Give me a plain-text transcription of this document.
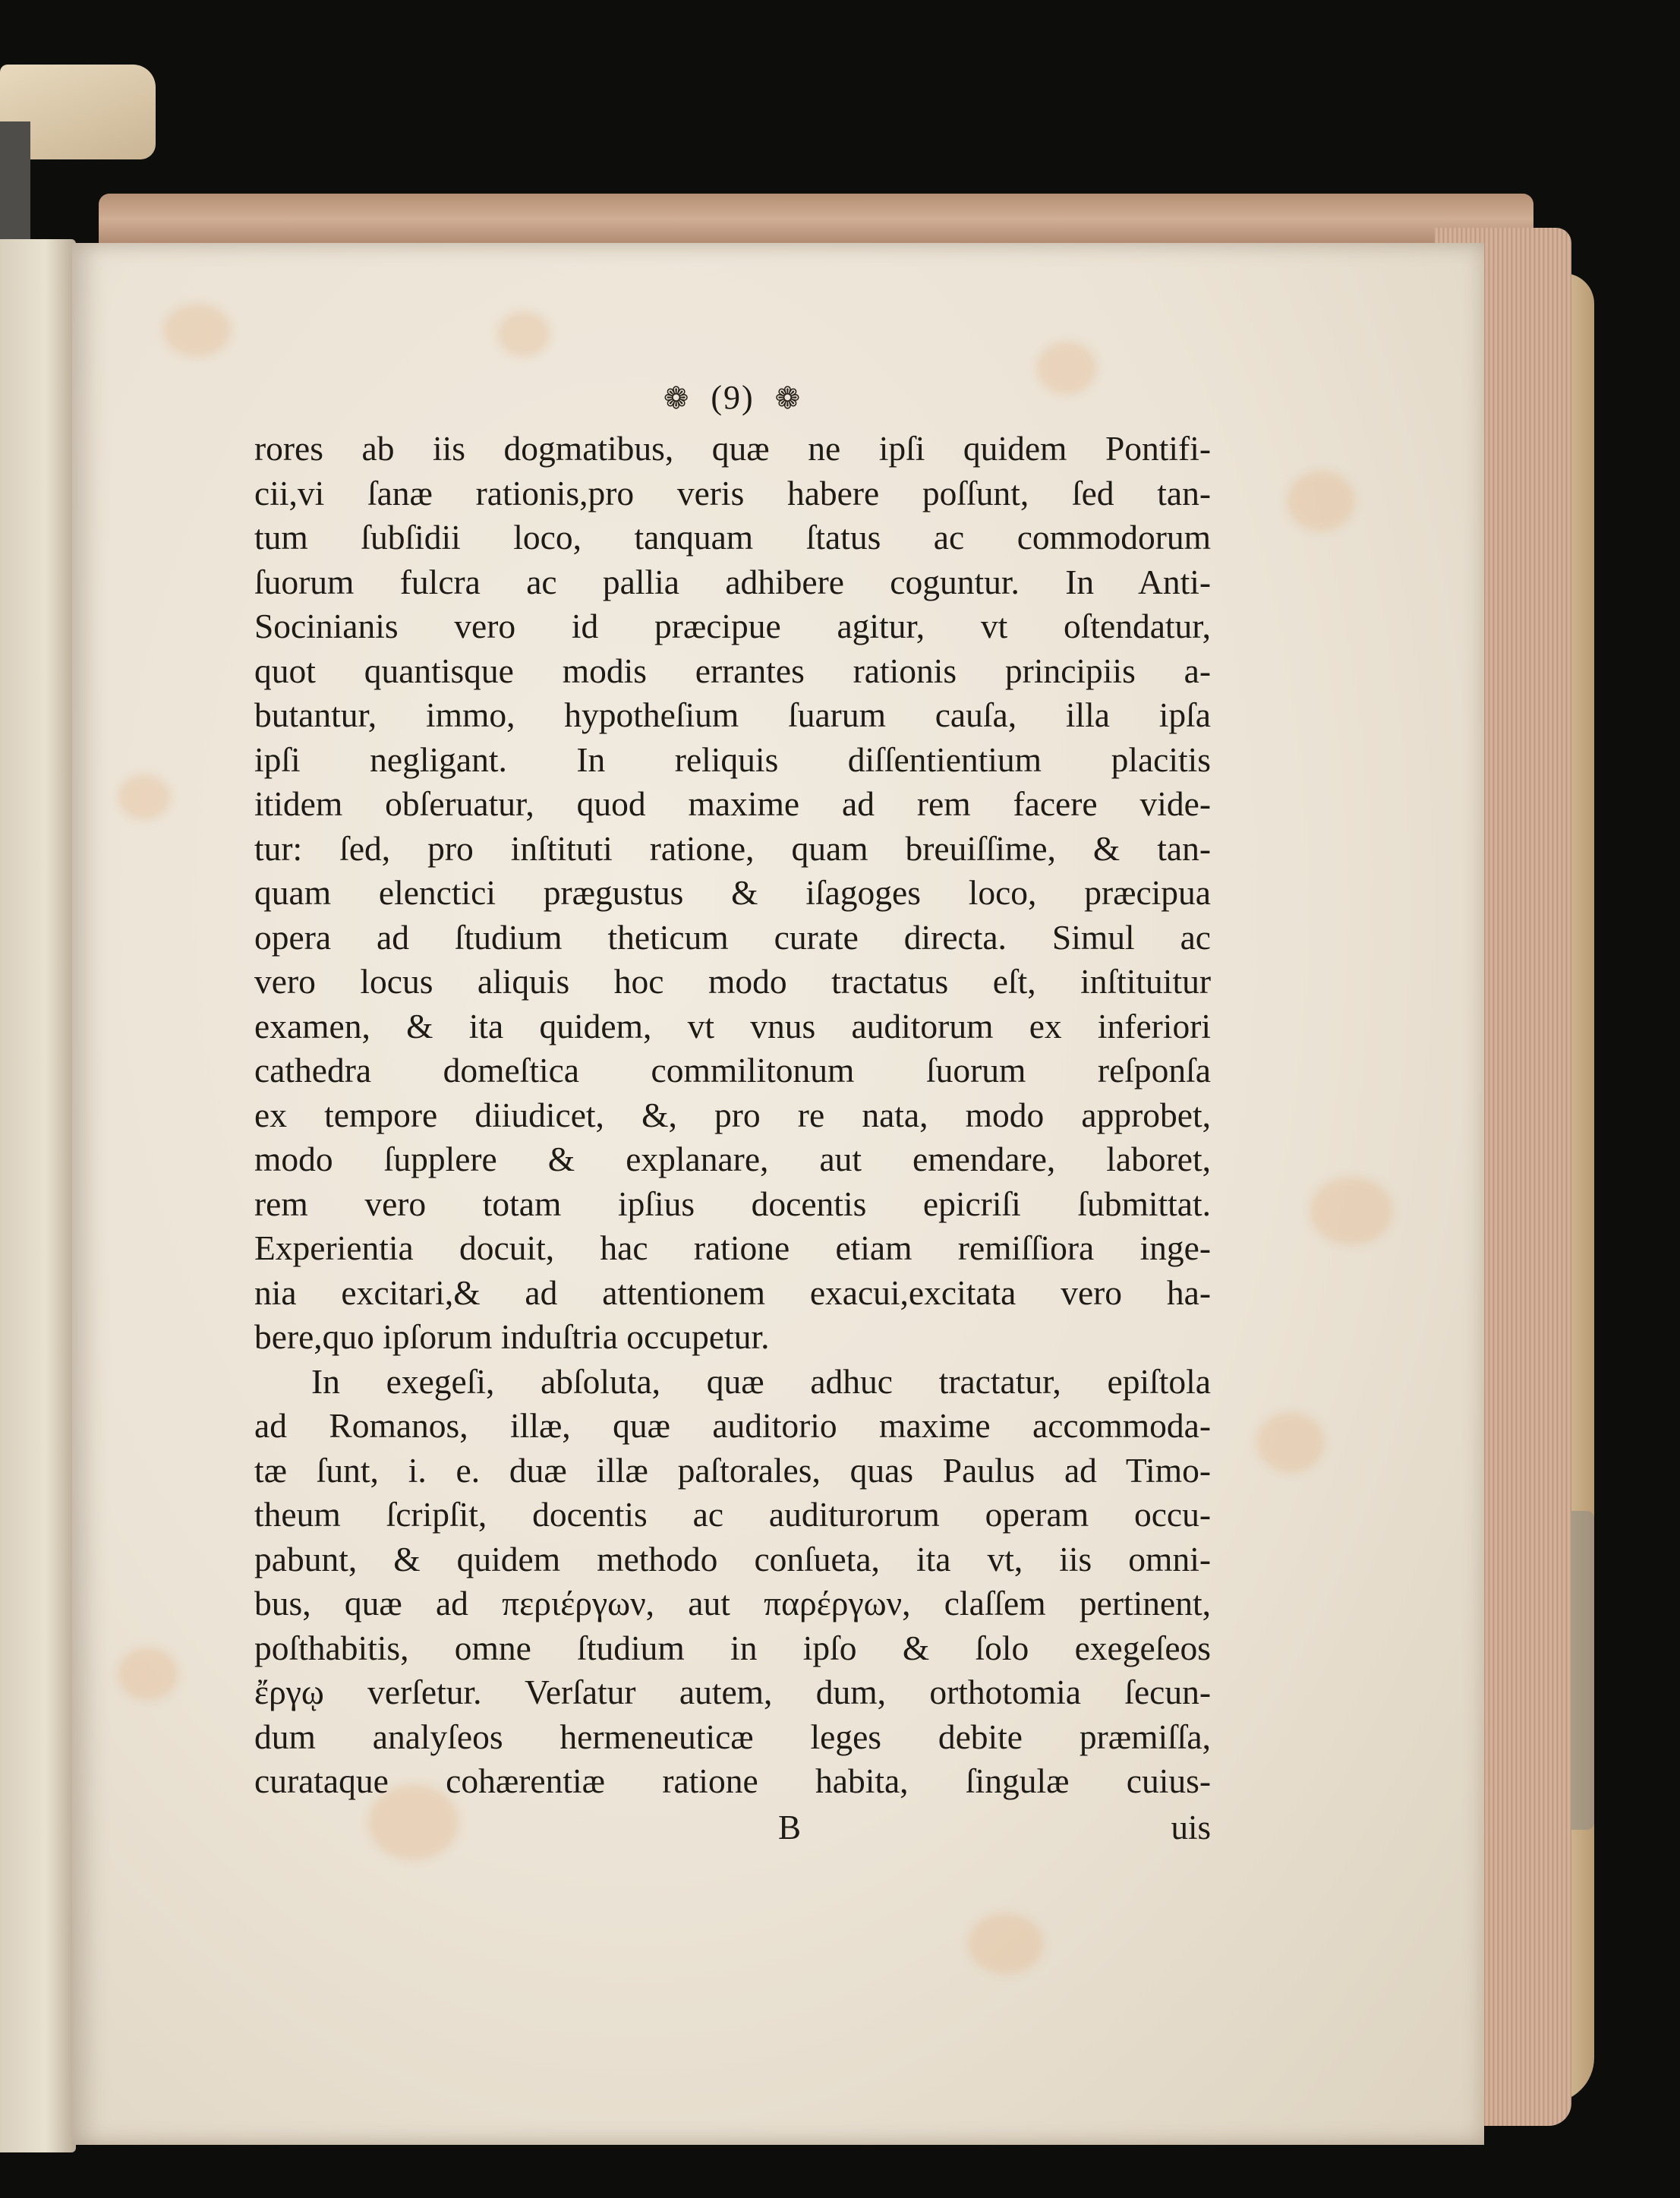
❁ (9) ❁
rores ab iis dogmatibus, quæ ne ipſi quidem Pontifi-
cii,vi ſanæ rationis,pro veris habere poſſunt, ſed tan-
tum ſubſidii loco, tanquam ſtatus ac commodorum
ſuorum fulcra ac pallia adhibere coguntur. In Anti-
Socinianis vero id præcipue agitur, vt oſtendatur,
quot quantisque modis errantes rationis principiis a-
butantur, immo, hypotheſium ſuarum cauſa, illa ipſa
ipſi negligant. In reliquis diſſentientium placitis
itidem obſeruatur, quod maxime ad rem facere vide-
tur: ſed, pro inſtituti ratione, quam breuiſſime, & tan-
quam elenctici prægustus & iſagoges loco, præcipua
opera ad ſtudium theticum curate directa. Simul ac
vero locus aliquis hoc modo tractatus eſt, inſtituitur
examen, & ita quidem, vt vnus auditorum ex inferiori
cathedra domeſtica commilitonum ſuorum reſponſa
ex tempore diiudicet, &, pro re nata, modo approbet,
modo ſupplere & explanare, aut emendare, laboret,
rem vero totam ipſius docentis epicriſi ſubmittat.
Experientia docuit, hac ratione etiam remiſſiora inge-
nia excitari,& ad attentionem exacui,excitata vero ha-
bere,quo ipſorum induſtria occupetur.
In exegeſi, abſoluta, quæ adhuc tractatur, epiſtola
ad Romanos, illæ, quæ auditorio maxime accommoda-
tæ ſunt, i. e. duæ illæ paſtorales, quas Paulus ad Timo-
theum ſcripſit, docentis ac auditurorum operam occu-
pabunt, & quidem methodo conſueta, ita vt, iis omni-
bus, quæ ad περιέργων, aut παρέργων, claſſem pertinent,
poſthabitis, omne ſtudium in ipſo & ſolo exegeſeos
ἔργῳ verſetur. Verſatur autem, dum, orthotomia ſecun-
dum analyſeos hermeneuticæ leges debite præmiſſa,
curataque cohærentiæ ratione habita, ſingulæ cuius-
B	uis
